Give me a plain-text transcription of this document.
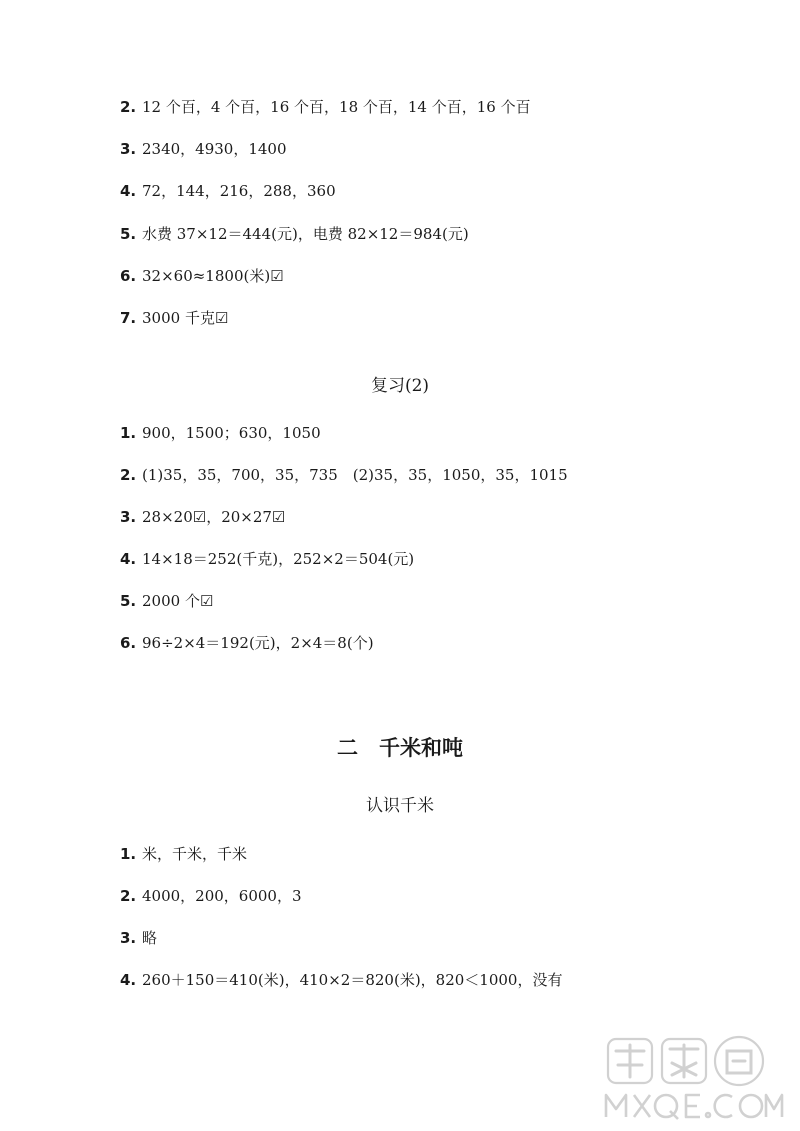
2. 12 个百，4 个百，16 个百，18 个百，14 个百，16 个百
3. 2340，4930，1400
4. 72，144，216，288，360
5. 水费 37×12＝444(元)，电费 82×12＝984(元)
6. 32×60≈1800(米)☑
7. 3000 千克☑
复习(2)
1. 900，1500；630，1050
2. (1)35，35，700，35，735　(2)35，35，1050，35，1015
3. 28×20☑，20×27☑
4. 14×18＝252(千克)，252×2＝504(元)
5. 2000 个☑
6. 96÷2×4＝192(元)，2×4＝8(个)
二　千米和吨
认识千米
1. 米，千米，千米
2. 4000，200，6000，3
3. 略
4. 260＋150＝410(米)，410×2＝820(米)，820＜1000，没有
